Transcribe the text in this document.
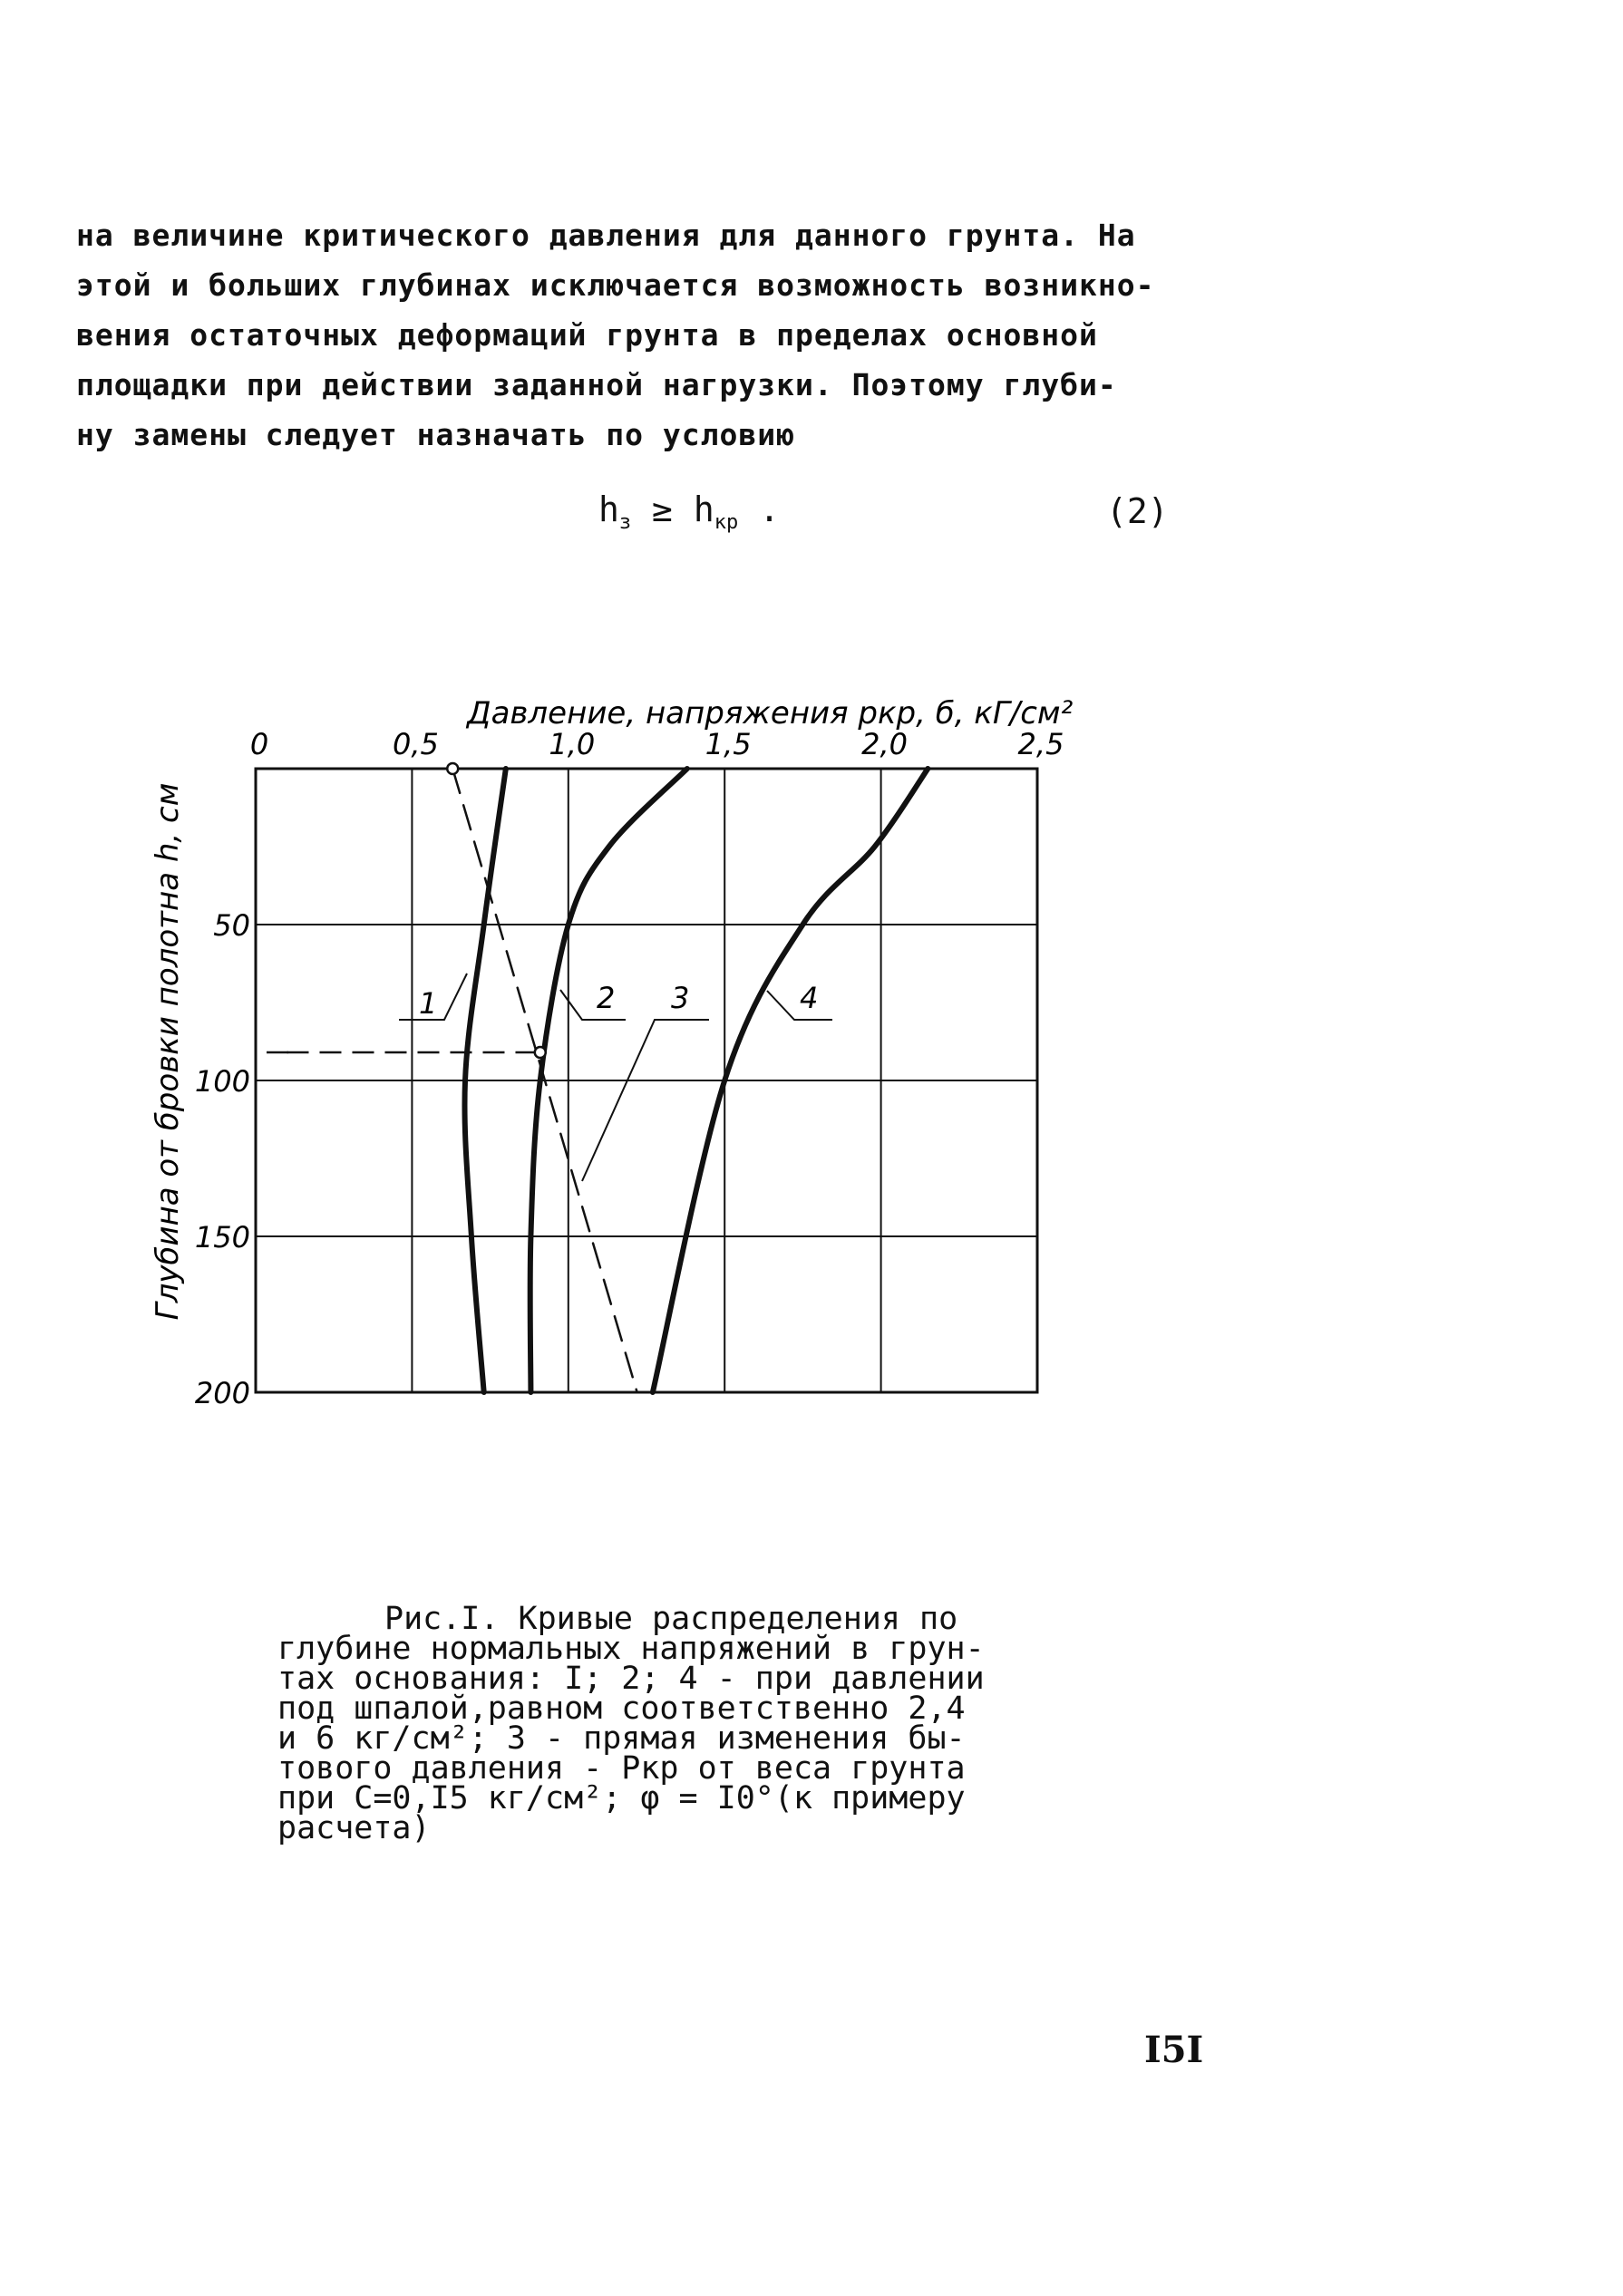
на величине критического давления для данного грунта. На
этой и больших глубинах исключается возможность возникно-
вения остаточных деформаций грунта в пределах основной
площадки при действии заданной нагрузки. Поэтому глуби-
ну замены следует назначать по условию

$h_з \ge h_{кр}$ .	(2)
Давление, напряжения pкр, б, кГ/см²
0	0,5	1,0	1,5	2,0	2,5
50
100
150
200
Глубина от бровки полотна h, см	1	2 3	4
Рис.I. Кривые распределения по
глубине нормальных напряжений в грун-
тах основания: I; 2; 4 - при давлении
под шпалой,равном соответственно 2,4
и 6 кг/см²; 3 - прямая изменения бы-
тового давления - Pкр от веса грунта
при C=0,I5 кг/см²; φ = I0°(к примеру
расчета)
I5I
